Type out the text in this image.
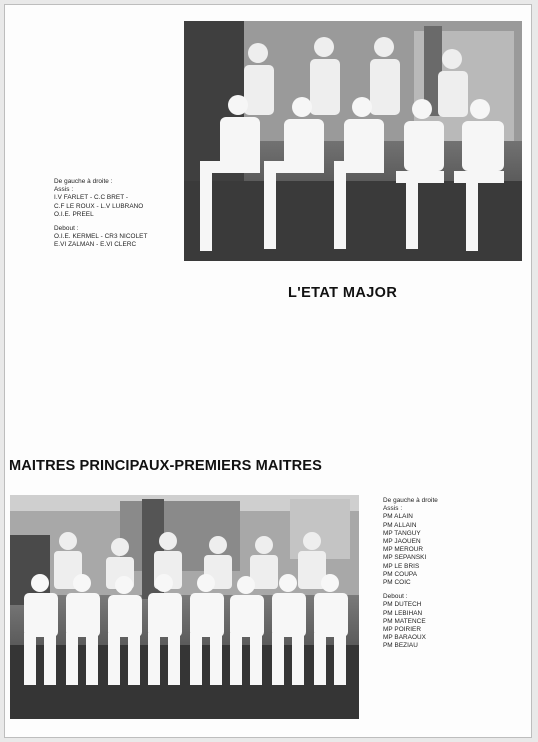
De gauche à droite :
Assis :
I.V FARLET - C.C BRET -
C.F LE ROUX - L.V LUBRANO
O.I.E. PREEL
Debout :
O.I.E. KERMEL - CR3 NICOLET
E.VI ZALMAN - E.VI CLERC
L'ETAT MAJOR
MAITRES PRINCIPAUX-PREMIERS MAITRES
De gauche à droite
Assis :
PM ALAIN
PM ALLAIN
MP TANGUY
MP JAOUEN
MP MEROUR
MP SEPANSKI
MP LE BRIS
PM COUPA
PM COIC
Debout :
PM DUTECH
PM LEBIHAN
PM MATENCE
MP POIRIER
MP BARAOUX
PM BEZIAU
